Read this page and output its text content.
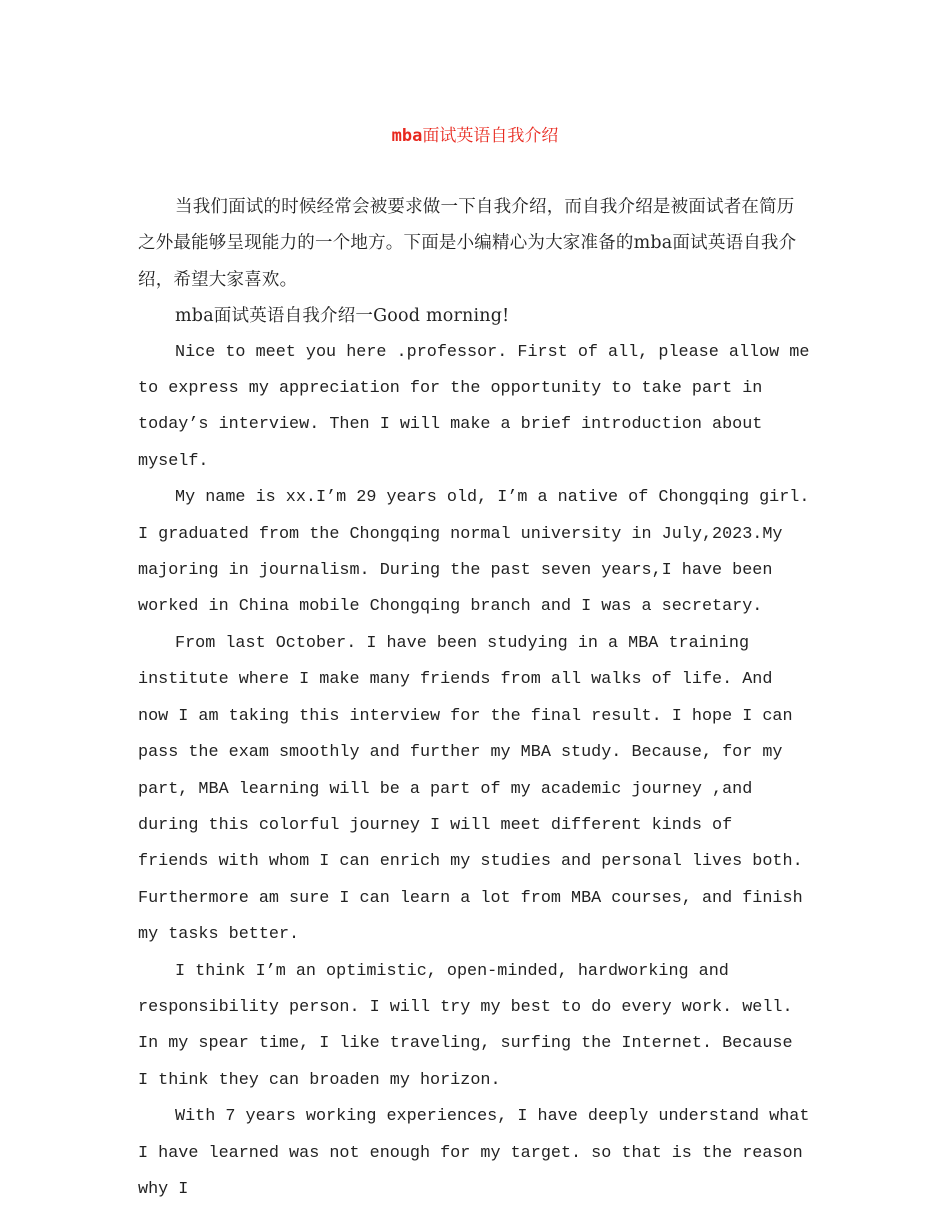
mba面试英语自我介绍

当我们面试的时候经常会被要求做一下自我介绍，而自我介绍是被面试者在简历之外最能够呈现能力的一个地方。下面是小编精心为大家准备的mba面试英语自我介绍，希望大家喜欢。

mba面试英语自我介绍一Good morning!

Nice to meet you here .professor. First of all, please allow me to express my appreciation for the opportunity to take part in today’s interview. Then I will make a brief introduction about myself.

My name is xx.I’m 29 years old, I’m a native of Chongqing girl. I graduated from the Chongqing normal university in July,2023.My majoring in journalism. During the past seven years,I have been worked in China mobile Chongqing branch and I was a secretary.

From last October. I have been studying in a MBA training institute where I make many friends from all walks of life. And now I am taking this interview for the final result. I hope I can pass the exam smoothly and further my MBA study. Because, for my part, MBA learning will be a part of my academic journey ,and during this colorful journey I will meet different kinds of friends with whom I can enrich my studies and personal lives both. Furthermore am sure I can learn a lot from MBA courses, and finish my tasks better.

I think I’m an optimistic, open-minded, hardworking and responsibility person. I will try my best to do every work. well. In my spear time, I like traveling, surfing the Internet. Because I think they can broaden my horizon.

With 7 years working experiences, I have deeply understand what I have learned was not enough for my target. so that is the reason why I
